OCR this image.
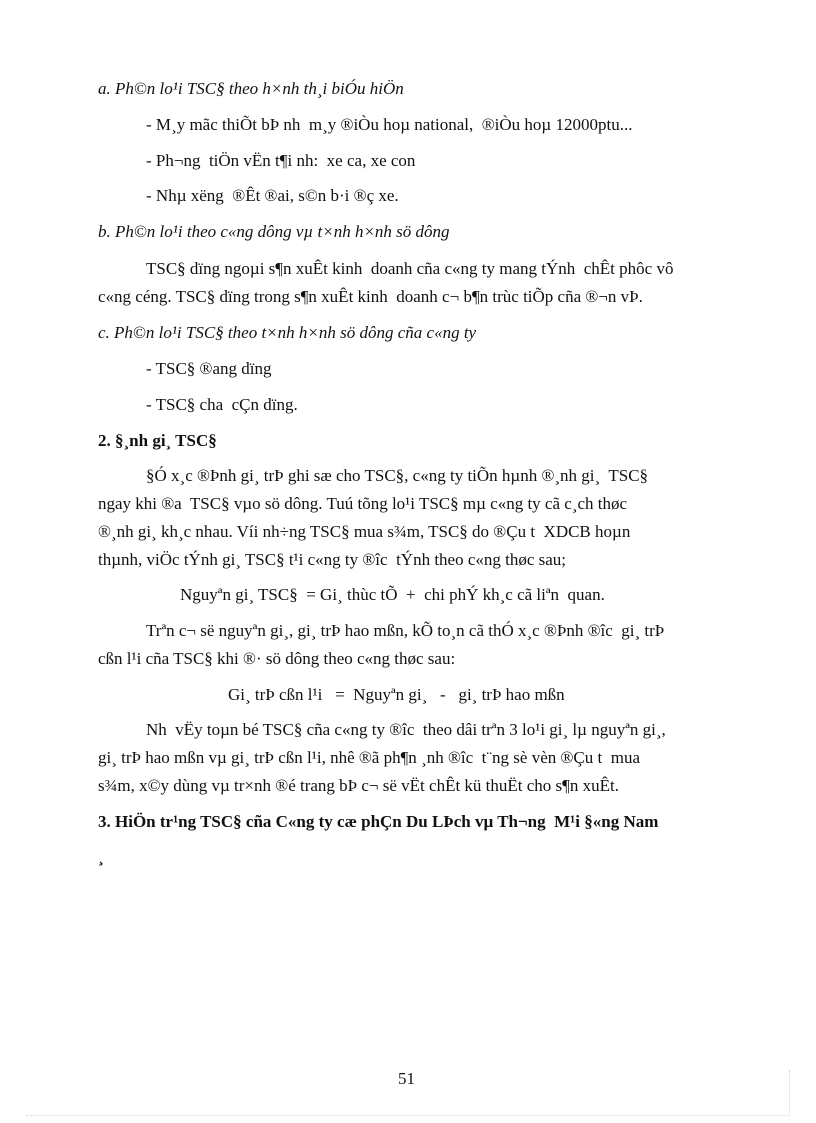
a. Ph©n lo¹i TSC§ theo h×nh th¸i biÓu hiÖn
- M¸y mãc thiÕt bÞ nh  m¸y ®iÒu hoµ national,  ®iÒu hoµ 12000ptu...
- Ph¬ng  tiÖn vËn t¶i nh:  xe ca, xe con
- Nhµ xëng  ®Êt ®ai, s©n b·i ®ç xe.
b. Ph©n lo¹i theo c«ng dông vµ t×nh h×nh sö dông
TSC§ dïng ngoµi s¶n xuÊt kinh  doanh cña c«ng ty mang tÝnh  chÊt phôc vô
c«ng céng. TSC§ dïng trong s¶n xuÊt kinh  doanh c¬ b¶n trùc tiÕp cña ®¬n vÞ.
c. Ph©n lo¹i TSC§ theo t×nh h×nh sö dông cña c«ng ty
- TSC§ ®ang dïng
- TSC§ cha  cÇn dïng.
2. §¸nh gi¸ TSC§
§Ó x¸c ®Þnh gi¸ trÞ ghi sæ cho TSC§, c«ng ty tiÕn hµnh ®¸nh gi¸  TSC§
ngay khi ®a  TSC§ vµo sö dông. Tuú tõng lo¹i TSC§ mµ c«ng ty cã c¸ch thøc
®¸nh gi¸ kh¸c nhau. Víi nh÷ng TSC§ mua s¾m, TSC§ do ®Çu t  XDCB hoµn
thµnh, viÖc tÝnh gi¸ TSC§ t¹i c«ng ty ®îc  tÝnh theo c«ng thøc sau;
Nguyªn gi¸ TSC§  = Gi¸ thùc tÕ  +  chi phÝ kh¸c cã liªn  quan.
Trªn c¬ së nguyªn gi¸, gi¸ trÞ hao mßn, kÕ to¸n cã thÓ x¸c ®Þnh ®îc  gi¸ trÞ
cßn l¹i cña TSC§ khi ®· sö dông theo c«ng thøc sau:
Gi¸ trÞ cßn l¹i   =  Nguyªn gi¸   -   gi¸ trÞ hao mßn
Nh  vËy toµn bé TSC§ cña c«ng ty ®îc  theo dâi trªn 3 lo¹i gi¸ lµ nguyªn gi¸,
gi¸ trÞ hao mßn vµ gi¸ trÞ cßn l¹i, nhê ®ã ph¶n ¸nh ®îc  t¨ng sè vèn ®Çu t  mua
s¾m, x©y dùng vµ tr×nh ®é trang bÞ c¬ së vËt chÊt kü thuËt cho s¶n xuÊt.
3. HiÖn tr¹ng TSC§ cña C«ng ty cæ phÇn Du LÞch vµ Th¬ng  M¹i §«ng Nam
¸
51
